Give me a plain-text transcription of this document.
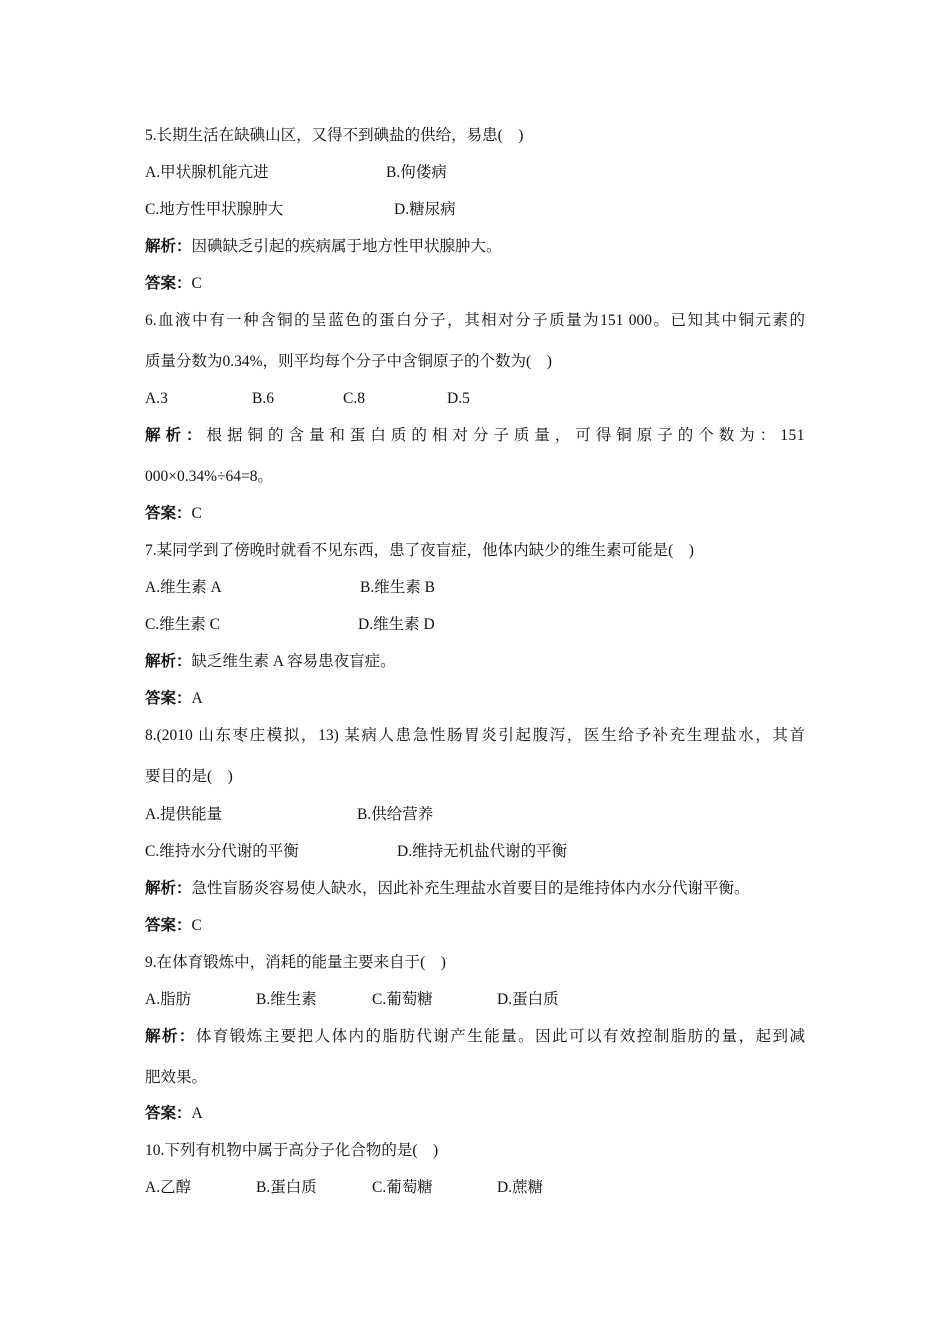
5.长期生活在缺碘山区，又得不到碘盐的供给，易患(　)
A.甲状腺机能亢进	B.佝偻病
C.地方性甲状腺肿大	D.糖尿病
解析：因碘缺乏引起的疾病属于地方性甲状腺肿大。
答案：C
6.血液中有一种含铜的呈蓝色的蛋白分子，其相对分子质量为151 000。已知其中铜元素的
质量分数为0.34%，则平均每个分子中含铜原子的个数为(　)
A.3	B.6	C.8	D.5
解析：根据铜的含量和蛋白质的相对分子质量，可得铜原子的个数为：151
000×0.34%÷64=8。
答案：C
7.某同学到了傍晚时就看不见东西，患了夜盲症，他体内缺少的维生素可能是(　)
A.维生素 A	B.维生素 B
C.维生素 C	D.维生素 D
解析：缺乏维生素 A 容易患夜盲症。
答案：A
8.(2010 山东枣庄模拟，13) 某病人患急性肠胃炎引起腹泻，医生给予补充生理盐水，其首
要目的是(　)
A.提供能量	B.供给营养
C.维持水分代谢的平衡	D.维持无机盐代谢的平衡
解析：急性盲肠炎容易使人缺水，因此补充生理盐水首要目的是维持体内水分代谢平衡。
答案：C
9.在体育锻炼中，消耗的能量主要来自于(　)
A.脂肪	B.维生素	C.葡萄糖	D.蛋白质
解析：体育锻炼主要把人体内的脂肪代谢产生能量。因此可以有效控制脂肪的量，起到减
肥效果。
答案：A
10.下列有机物中属于高分子化合物的是(　)
A.乙醇	B.蛋白质	C.葡萄糖	D.蔗糖
